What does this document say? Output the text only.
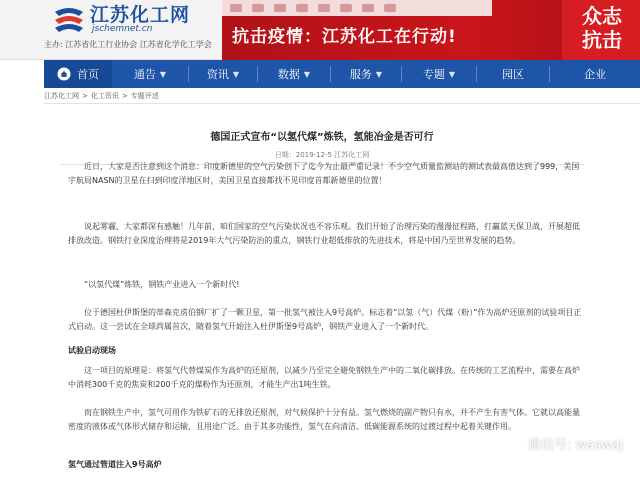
江苏化工网
jschemnet.cn
主办: 江苏省化工行业协会 江苏省化学化工学会 抗击疫情：江苏化工在行动!
众志
抗击
首页	通告 ▼	资讯 ▼	数据 ▼	服务 ▼	专题 ▼	园区	企业
江苏化工网 > 化工资讯 > 专题评述
德国正式宣布“以氢代煤”炼铁，氢能冶金是否可行
日期：2019-12-5 江苏化工网

近日，大家是否注意到这个消息：印度新德里的空气污染创下了迄今为止最严重记录！不少空气质量监测站的测试表最高值达到了999，美国宇航局NASN的卫星在扫到印度洋地区时，美国卫星直接都找不见印度首都新德里的位置！

说起雾霾，大家都深有感触！几年前，咱们国家的空气污染状况也不容乐观。我们开始了治理污染的漫漫征程路，打赢蓝天保卫战，开展超低排放改造。钢铁行业深度治理将是2019年大气污染防治的重点，钢铁行业超低排放的先进技术，将是中国乃至世界发展的趋势。

“以氢代煤”炼铁，钢铁产业进入一个新时代!

位于德国杜伊斯堡的蒂森克虏伯钢厂扩了一颗卫星，第一批氢气被注入9号高炉。标志着“以氢（气）代煤（粉）”作为高炉还原剂的试验项目正式启动。这一尝试在全球尚属首次，随着氢气开始注入杜伊斯堡9号高炉，钢铁产业进入了一个新时代。

试验启动现场

这一项目的原理是：将氢气代替煤炭作为高炉的还原剂，以减少乃至完全避免钢铁生产中的二氧化碳排放。在传统的工艺流程中，需要在高炉中消耗300千克的焦炭和200千克的煤粉作为还原剂，才能生产出1吨生铁。

而在钢铁生产中，氢气可用作为铁矿石的无排放还原剂，对气候保护十分有益。氢气燃烧的副产物只有水，并不产生有害气体。它就以高能量密度的液体或气体形式储存和运输，且用途广泛。由于其多功能性，氢气在向清洁、低碳能源系统的过渡过程中起着关键作用。

氢气通过管道注入9号高炉

微信号: waswaj
